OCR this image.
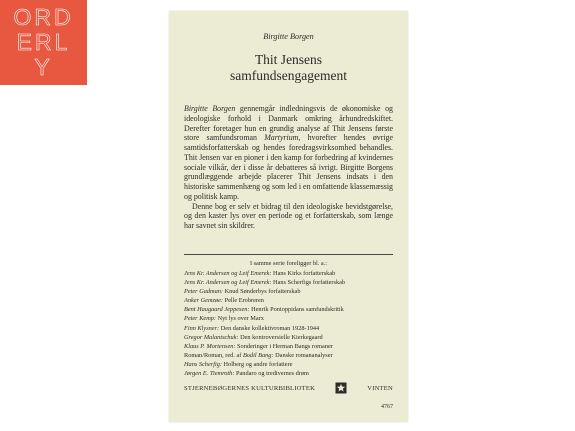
ORD
ERL
Y
Birgitte Borgen
Thit Jensens
samfundsengagement

Birgitte Borgen gennemgår indledningsvis de økonomiske og ideologiske forhold i Danmark omkring århundredskiftet. Derefter foretager hun en grundig analyse af Thit Jensens første store samfundsroman Martyrium, hvorefter hendes øvrige samtidsforfatterskab og hendes foredragsvirksomhed behandles. Thit Jensen var en pioner i den kamp for forbedring af kvindernes sociale vilkår, der i disse år debatteres så ivrigt. Birgitte Borgens grundlæggende arbejde placerer Thit Jensens indsats i den historiske sammenhæng og som led i en omfattende klassemæssig og politisk kamp.

Denne bog er selv et bidrag til den ideologiske bevidstgørelse, og den kaster lys over en periode og et forfatterskab, som længe har savnet sin skildrer.

I samme serie foreligger bl. a.:
Jens Kr. Andersen og Leif Emerek: Hans Kirks forfatterskab
Jens Kr. Andersen og Leif Emerek: Hans Scherfigs forfatterskab
Peter Gadman: Knud Sønderbys forfatterskab
Anker Gemzøe: Pelle Erobreren
Bent Haugaard Jeppesen: Henrik Pontoppidans samfundskritik
Peter Kemp: Nyt lys over Marx
Finn Klysner: Den danske kollektivroman 1928-1944
Gregor Malantschuk: Den kontroversielle Kierkegaard
Klaus P. Mortensen: Sonderinger i Herman Bangs romaner
Roman/Roman, red. af Bodil Bang: Danske romananalyser
Hans Scherfig: Holberg og andre forfattere
Jørgen E. Tiemroth: Pandaro og tredivernes drøm
STJERNEBØGERNES KULTURBIBLIOTEK	VINTEN
4767
